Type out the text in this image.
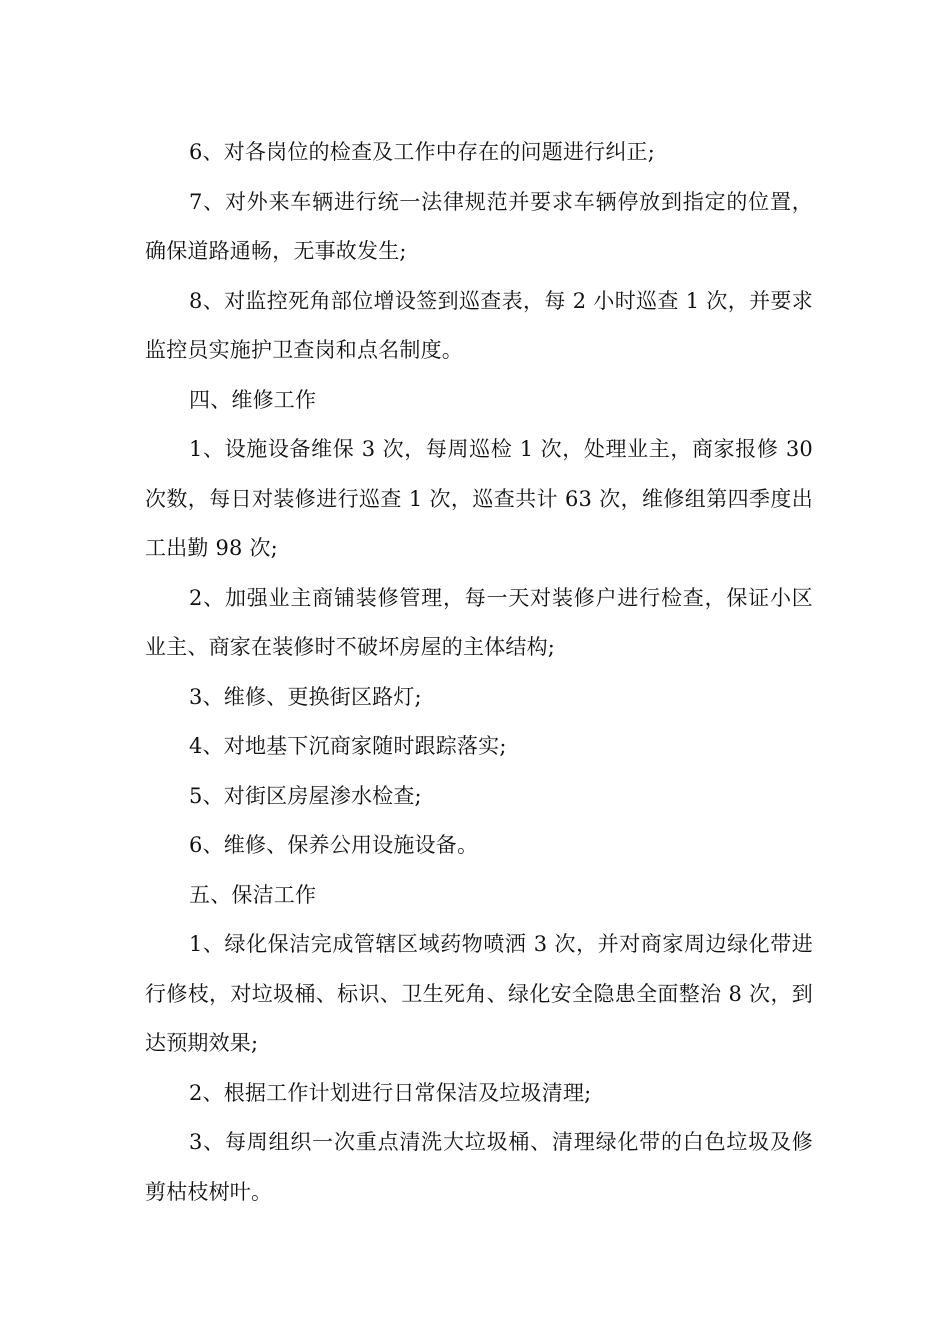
6、对各岗位的检查及工作中存在的问题进行纠正;

7、对外来车辆进行统一法律规范并要求车辆停放到指定的位置，确保道路通畅，无事故发生;

8、对监控死角部位增设签到巡查表，每 2 小时巡查 1 次，并要求监控员实施护卫查岗和点名制度。

四、维修工作

1、设施设备维保 3 次，每周巡检 1 次，处理业主，商家报修 30 次数，每日对装修进行巡查 1 次，巡查共计 63 次，维修组第四季度出工出勤 98 次;

2、加强业主商铺装修管理，每一天对装修户进行检查，保证小区业主、商家在装修时不破坏房屋的主体结构;

3、维修、更换街区路灯;

4、对地基下沉商家随时跟踪落实;

5、对街区房屋渗水检查;

6、维修、保养公用设施设备。

五、保洁工作

1、绿化保洁完成管辖区域药物喷洒 3 次，并对商家周边绿化带进行修枝，对垃圾桶、标识、卫生死角、绿化安全隐患全面整治 8 次，到达预期效果;

2、根据工作计划进行日常保洁及垃圾清理;

3、每周组织一次重点清洗大垃圾桶、清理绿化带的白色垃圾及修剪枯枝树叶。
